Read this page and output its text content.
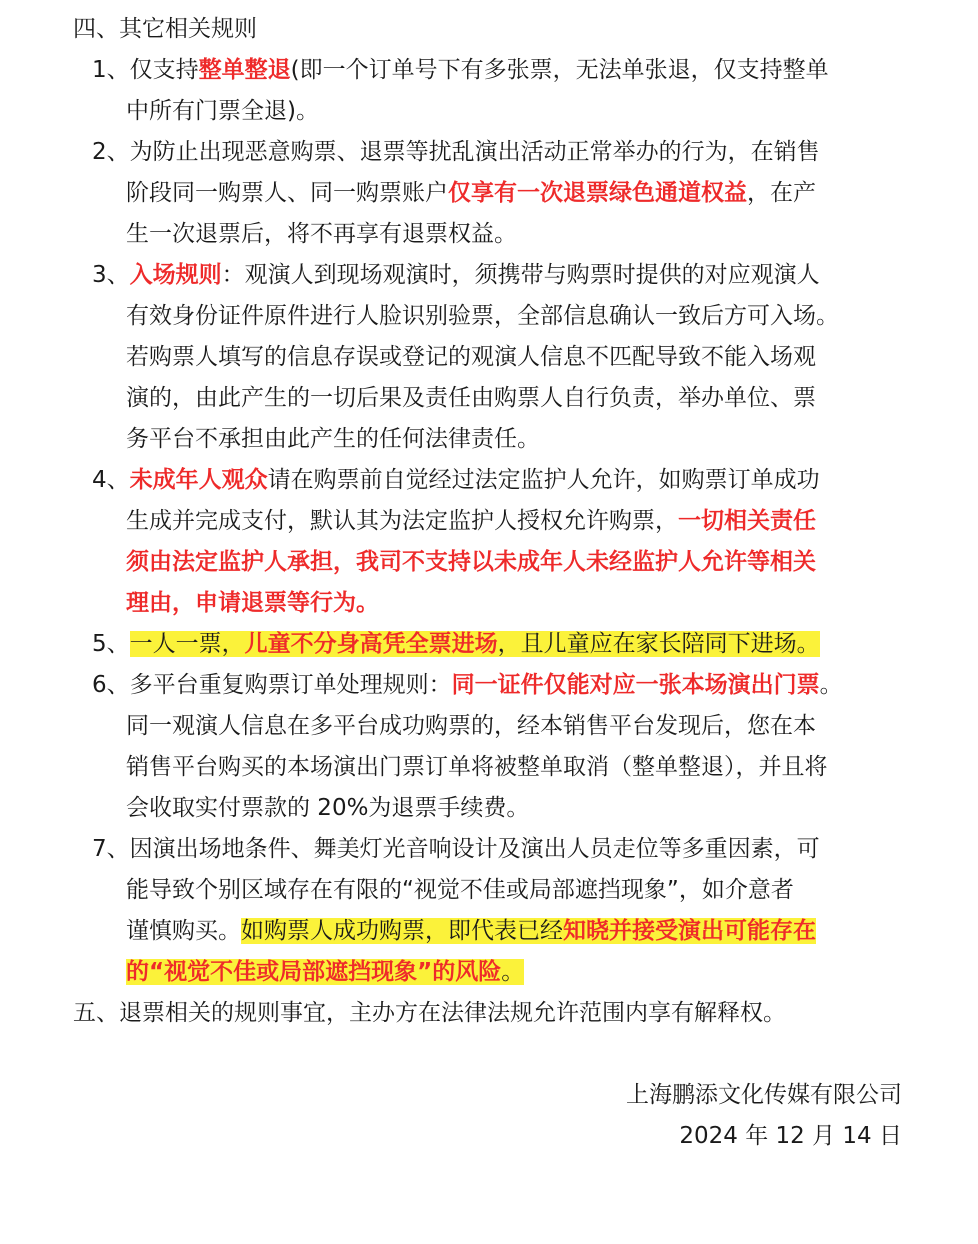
四、其它相关规则
1、仅支持整单整退(即一个订单号下有多张票，无法单张退，仅支持整单
中所有门票全退)。
2、为防止出现恶意购票、退票等扰乱演出活动正常举办的行为，在销售
阶段同一购票人、同一购票账户仅享有一次退票绿色通道权益，在产
生一次退票后，将不再享有退票权益。
3、入场规则：观演人到现场观演时，须携带与购票时提供的对应观演人
有效身份证件原件进行人脸识别验票，全部信息确认一致后方可入场。
若购票人填写的信息存误或登记的观演人信息不匹配导致不能入场观
演的，由此产生的一切后果及责任由购票人自行负责，举办单位、票
务平台不承担由此产生的任何法律责任。
4、未成年人观众请在购票前自觉经过法定监护人允许，如购票订单成功
生成并完成支付，默认其为法定监护人授权允许购票，一切相关责任
须由法定监护人承担，我司不支持以未成年人未经监护人允许等相关
理由，申请退票等行为。
5、一人一票，儿童不分身高凭全票进场，且儿童应在家长陪同下进场。
6、多平台重复购票订单处理规则：同一证件仅能对应一张本场演出门票。
同一观演人信息在多平台成功购票的，经本销售平台发现后，您在本
销售平台购买的本场演出门票订单将被整单取消（整单整退），并且将
会收取实付票款的 20%为退票手续费。
7、因演出场地条件、舞美灯光音响设计及演出人员走位等多重因素，可
能导致个别区域存在有限的“视觉不佳或局部遮挡现象”，如介意者
谨慎购买。如购票人成功购票，即代表已经知晓并接受演出可能存在
的“视觉不佳或局部遮挡现象”的风险。
五、退票相关的规则事宜，主办方在法律法规允许范围内享有解释权。
上海鹏添文化传媒有限公司
2024 年 12 月 14 日
